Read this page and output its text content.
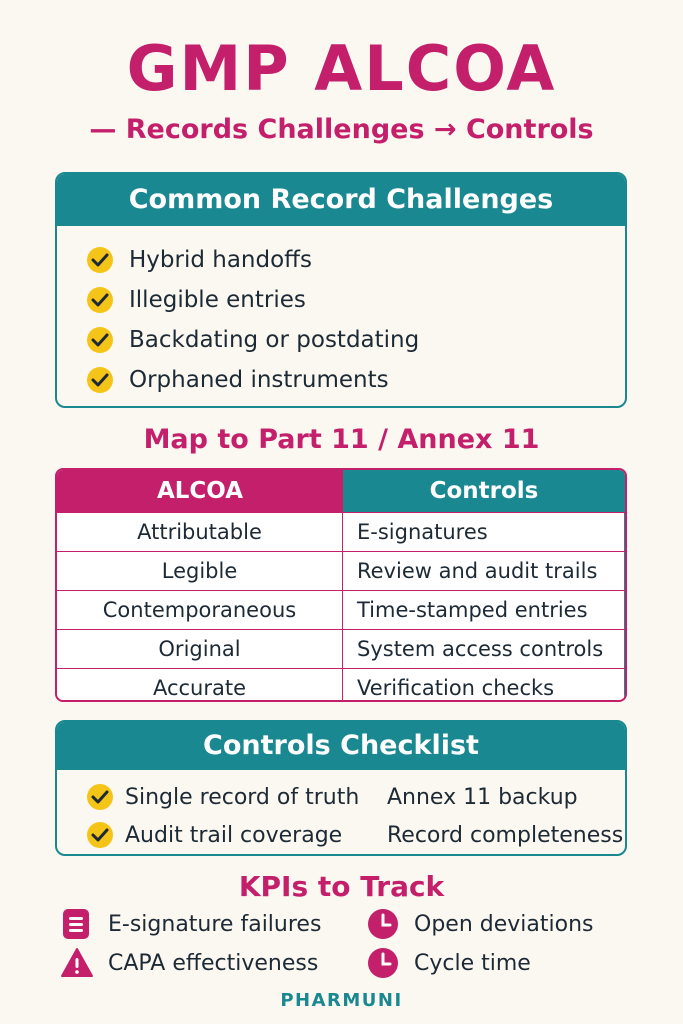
GMP ALCOA
— Records Challenges → Controls
Common Record Challenges
Hybrid handoffs
Illegible entries
Backdating or postdating
Orphaned instruments
Map to Part 11 / Annex 11
ALCOA	Controls
Attributable	E-signatures
Legible	Review and audit trails
Contemporaneous	Time-stamped entries
Original	System access controls
Accurate	Verification checks
Controls Checklist
Single record of truth Annex 11 backup
Audit trail coverage Record completeness
KPIs to Track
E-signature failures	Open deviations
CAPA effectiveness	Cycle time
PHARMUNI
